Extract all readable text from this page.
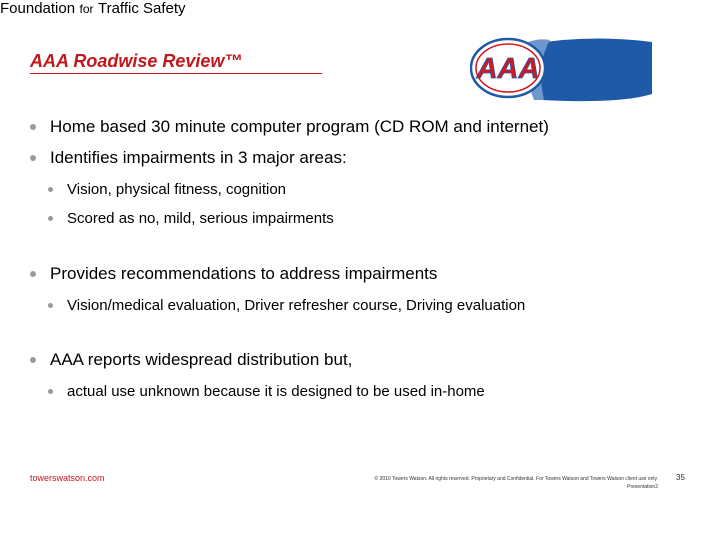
AAA Roadwise Review™	AAA
Foundation for Traffic Safety
Home based 30 minute computer program (CD ROM and internet)
Identifies impairments in 3 major areas:
Vision, physical fitness, cognition
Scored as no, mild, serious impairments
Provides recommendations to address impairments
Vision/medical evaluation, Driver refresher course, Driving evaluation
AAA reports widespread distribution but,
actual use unknown because it is designed to be used in-home
towerswatson.com	© 2010 Towers Watson. All rights reserved. Proprietary and Confidential. For Towers Watson and Towers Watson client use only.
Presentation2
35
